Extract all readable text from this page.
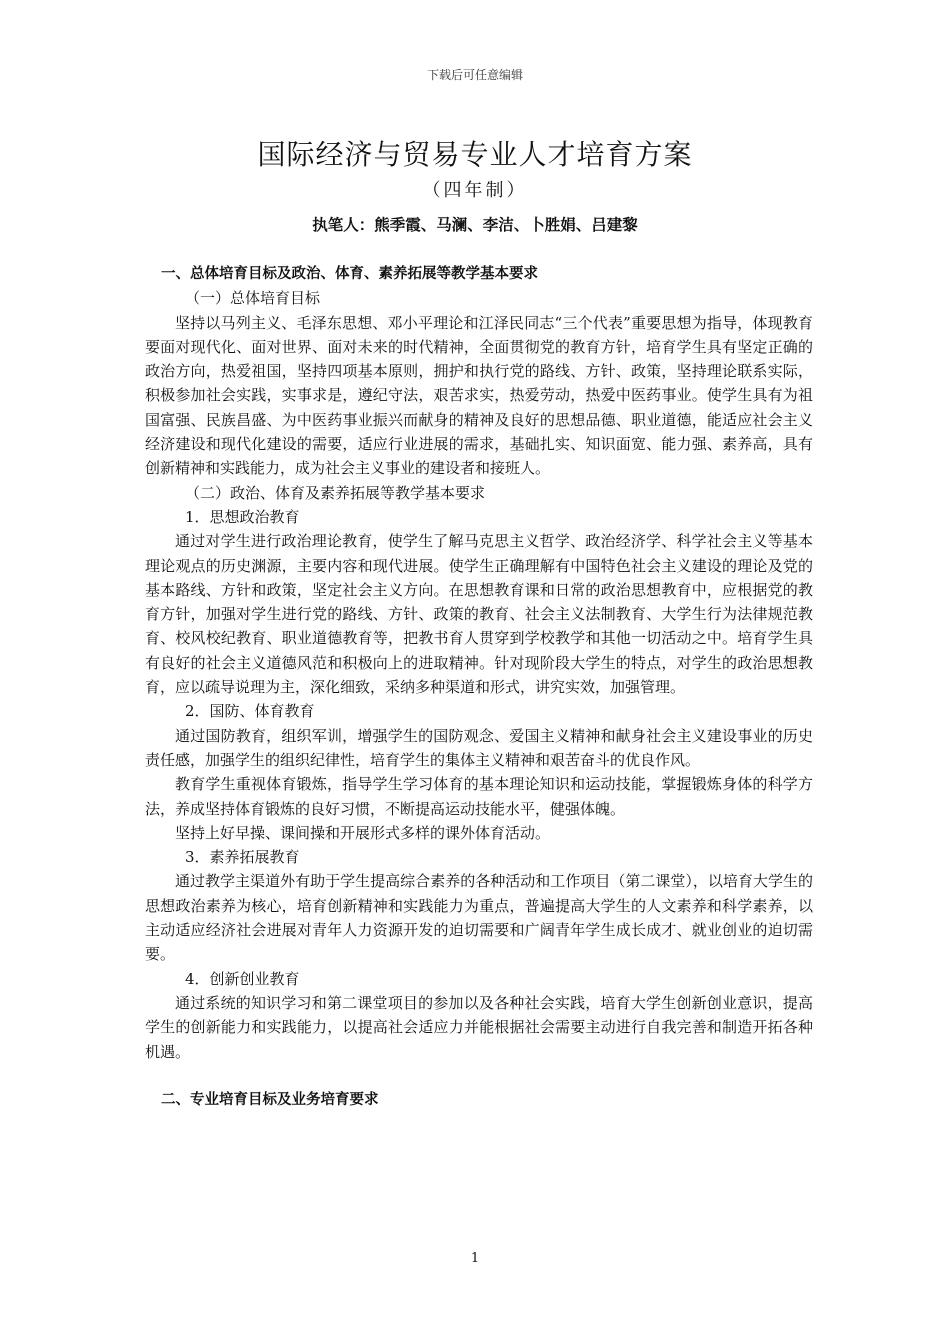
下载后可任意编辑
国际经济与贸易专业人才培育方案
（四年制）
执笔人：熊季霞、马澜、李洁、卜胜娟、吕建黎

一、总体培育目标及政治、体育、素养拓展等教学基本要求

（一）总体培育目标

坚持以马列主义、毛泽东思想、邓小平理论和江泽民同志“三个代表”重要思想为指导，体现教育要面对现代化、面对世界、面对未来的时代精神，全面贯彻党的教育方针，培育学生具有坚定正确的政治方向，热爱祖国，坚持四项基本原则，拥护和执行党的路线、方针、政策，坚持理论联系实际，积极参加社会实践，实事求是，遵纪守法，艰苦求实，热爱劳动，热爱中医药事业。使学生具有为祖国富强、民族昌盛、为中医药事业振兴而献身的精神及良好的思想品德、职业道德，能适应社会主义经济建设和现代化建设的需要，适应行业进展的需求，基础扎实、知识面宽、能力强、素养高，具有创新精神和实践能力，成为社会主义事业的建设者和接班人。

（二）政治、体育及素养拓展等教学基本要求

1．思想政治教育

通过对学生进行政治理论教育，使学生了解马克思主义哲学、政治经济学、科学社会主义等基本理论观点的历史渊源，主要内容和现代进展。使学生正确理解有中国特色社会主义建设的理论及党的基本路线、方针和政策，坚定社会主义方向。在思想教育课和日常的政治思想教育中，应根据党的教育方针，加强对学生进行党的路线、方针、政策的教育、社会主义法制教育、大学生行为法律规范教育、校风校纪教育、职业道德教育等，把教书育人贯穿到学校教学和其他一切活动之中。培育学生具有良好的社会主义道德风范和积极向上的进取精神。针对现阶段大学生的特点，对学生的政治思想教育，应以疏导说理为主，深化细致，采纳多种渠道和形式，讲究实效，加强管理。

2．国防、体育教育

通过国防教育，组织军训，增强学生的国防观念、爱国主义精神和献身社会主义建设事业的历史责任感，加强学生的组织纪律性，培育学生的集体主义精神和艰苦奋斗的优良作风。

教育学生重视体育锻炼，指导学生学习体育的基本理论知识和运动技能，掌握锻炼身体的科学方法，养成坚持体育锻炼的良好习惯，不断提高运动技能水平，健强体魄。

坚持上好早操、课间操和开展形式多样的课外体育活动。

3．素养拓展教育

通过教学主渠道外有助于学生提高综合素养的各种活动和工作项目（第二课堂），以培育大学生的思想政治素养为核心，培育创新精神和实践能力为重点，普遍提高大学生的人文素养和科学素养，以主动适应经济社会进展对青年人力资源开发的迫切需要和广阔青年学生成长成才、就业创业的迫切需要。

4．创新创业教育

通过系统的知识学习和第二课堂项目的参加以及各种社会实践，培育大学生创新创业意识，提高学生的创新能力和实践能力，以提高社会适应力并能根据社会需要主动进行自我完善和制造开拓各种机遇。

二、专业培育目标及业务培育要求

1
